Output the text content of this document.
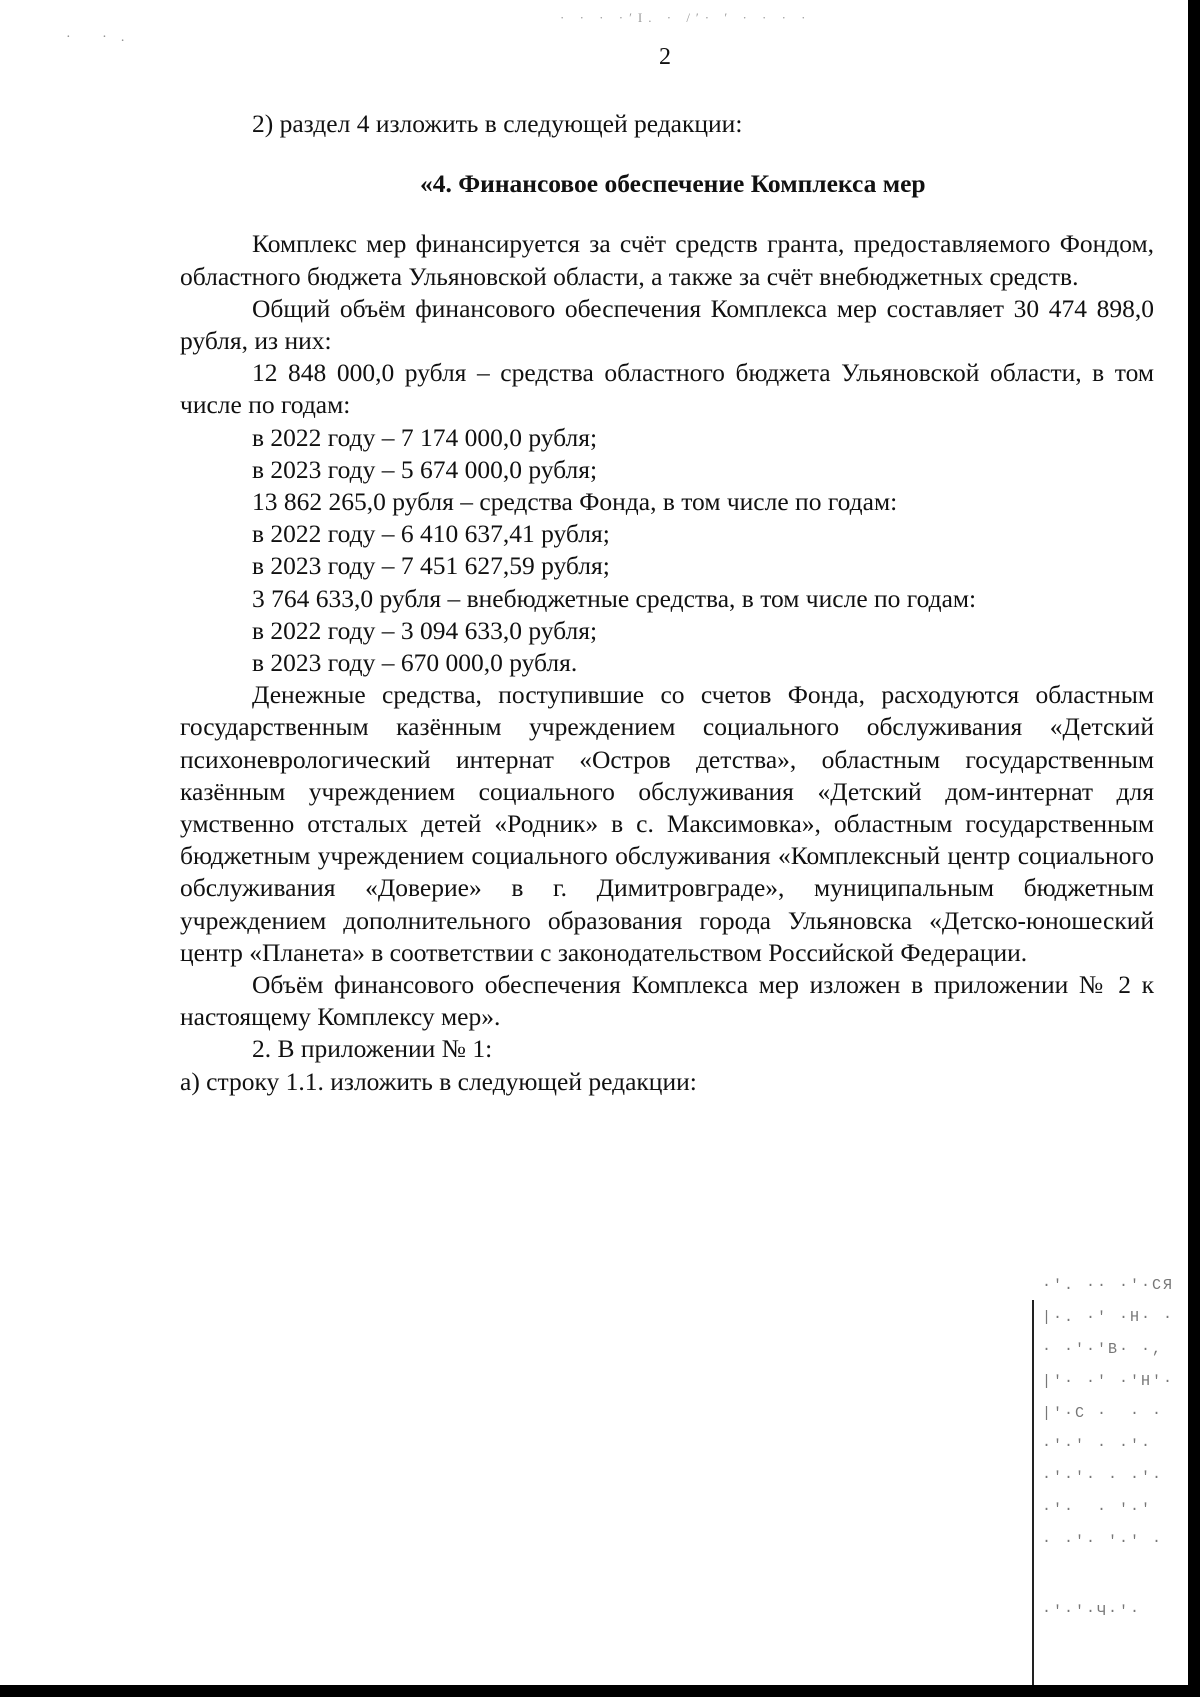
2
· · · ·ʹІ. · /ʹ· ʹ · · · ·
· ·.

2) раздел 4 изложить в следующей редакции:

«4. Финансовое обеспечение Комплекса мер

Комплекс мер финансируется за счёт средств гранта, предоставляемого Фондом, областного бюджета Ульяновской области, а также за счёт внебюджетных средств.

Общий объём финансового обеспечения Комплекса мер составляет 30 474 898,0 рубля, из них:

12 848 000,0 рубля – средства областного бюджета Ульяновской области, в том числе по годам:

в 2022 году – 7 174 000,0 рубля;

в 2023 году – 5 674 000,0 рубля;

13 862 265,0 рубля – средства Фонда, в том числе по годам:

в 2022 году – 6 410 637,41 рубля;

в 2023 году – 7 451 627,59 рубля;

3 764 633,0 рубля – внебюджетные средства, в том числе по годам:

в 2022 году – 3 094 633,0 рубля;

в 2023 году – 670 000,0 рубля.

Денежные средства, поступившие со счетов Фонда, расходуются областным государственным казённым учреждением социального обслуживания «Детский психоневрологический интернат «Остров детства», областным государственным казённым учреждением социального обслуживания «Детский дом-интернат для умственно отсталых детей «Родник» в с. Максимовка», областным государственным бюджетным учреждением социального обслуживания «Комплексный центр социального обслуживания «Доверие» в г. Димитровграде», муниципальным бюджетным учреждением дополнительного образования города Ульяновска «Детско-юношеский центр «Планета» в соответствии с законодательством Российской Федерации.

Объём финансового обеспечения Комплекса мер изложен в приложении № 2 к настоящему Комплексу мер».

2. В приложении № 1:

а) строку 1.1. изложить в следующей редакции:

·ʹ. ·· ·ʹ·СЯ
|·. ·ʹ ·Н· ·
· ·ʹ·ʹВ· ·,
|ʹ· ·ʹ ·ʹНʹ·
|ʹ·С ·  · ·
·ʹ·ʹ · ·ʹ·
·ʹ·ʹ· · ·ʹ·
·ʹ·  · ʹ·ʹ
· ·ʹ· ʹ·ʹ ·
·ʹ·ʹ·Ч·ʹ·
